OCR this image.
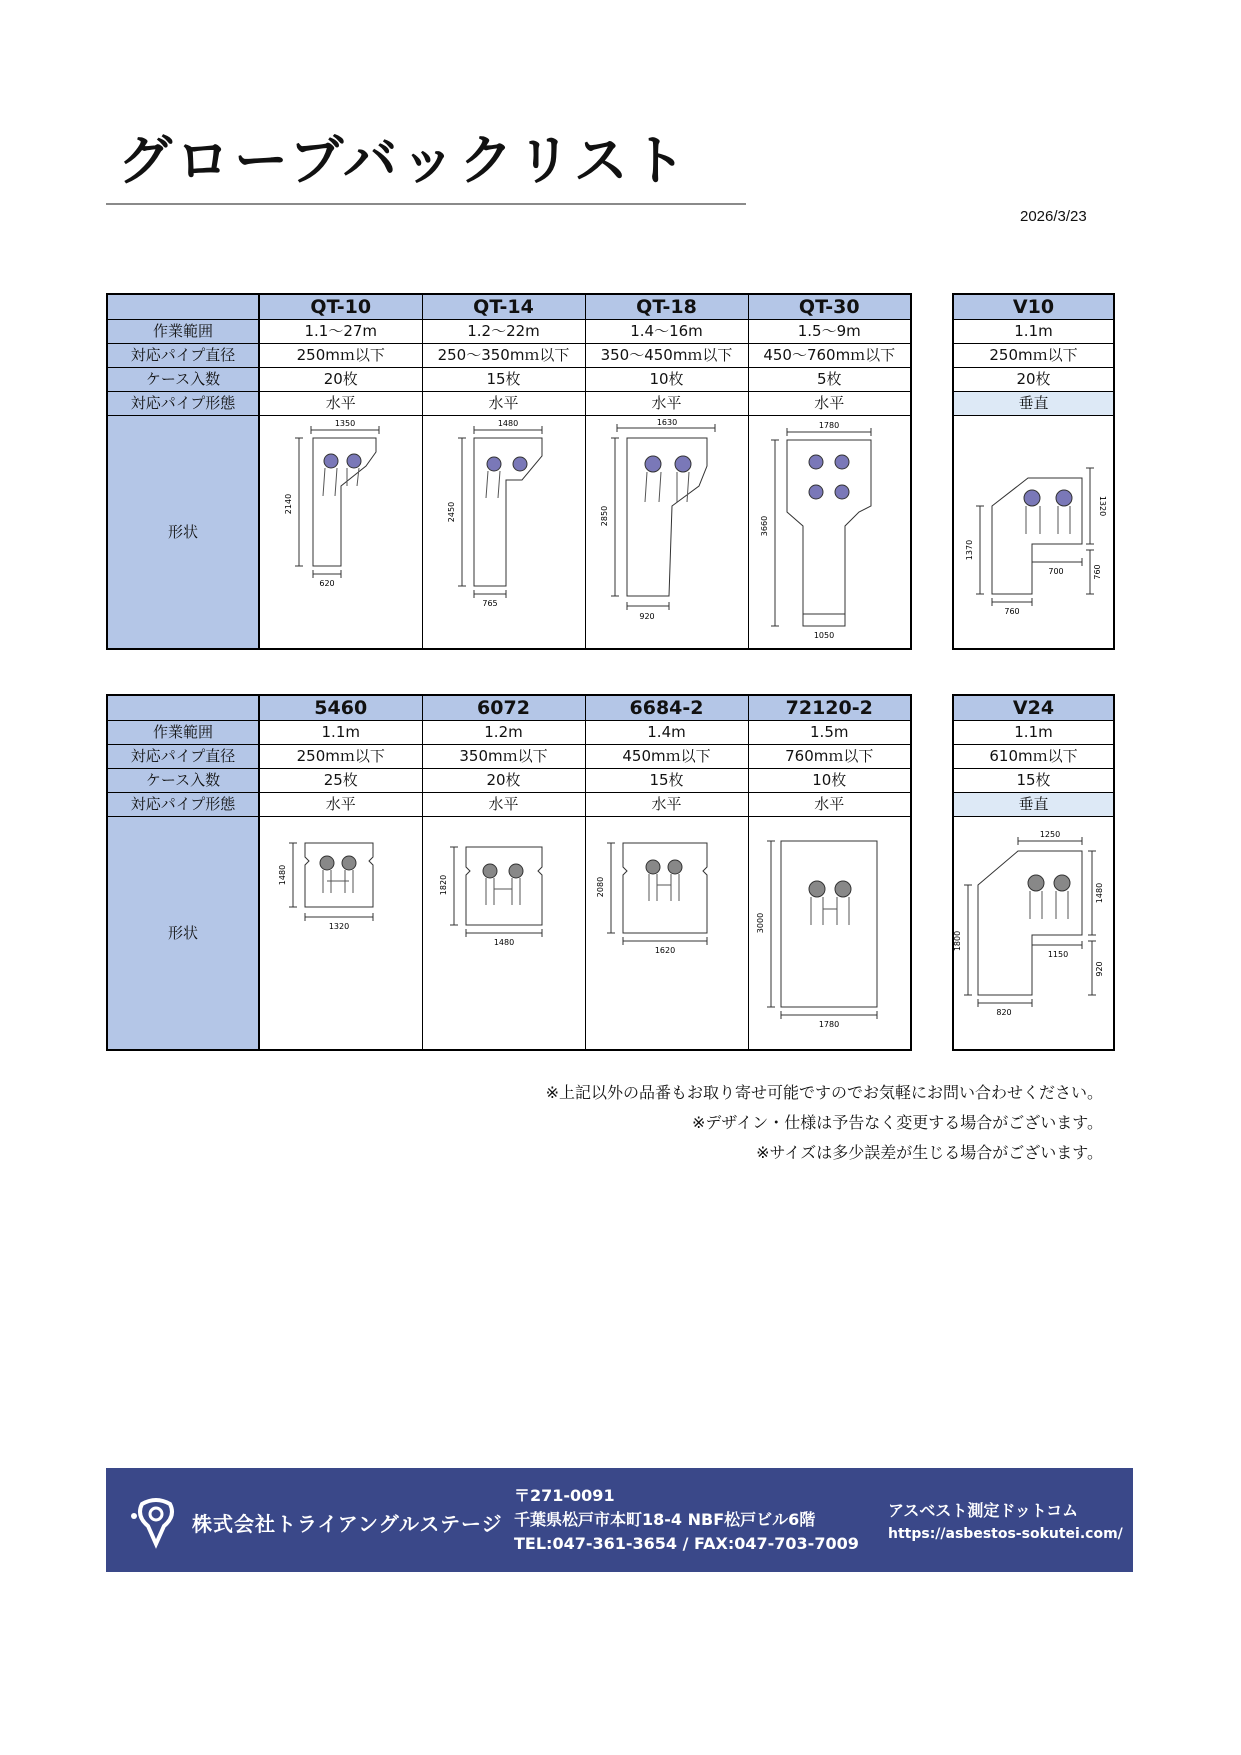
グローブバックリスト
2026/3/23
	QT-10	QT-14	QT-18	QT-30
作業範囲	1.1～27m	1.2～22m	1.4～16m	1.5～9m
対応パイプ直径	250mｍ以下	250～350mｍ以下	350～450mｍ以下	450～760mｍ以下
ケース入数	20枚	15枚	10枚	5枚
対応パイプ形態	水平	水平	水平	水平
形状	1350
2140
620	1480
2450
765	1630
2850
920	1780
3660
1050
V10
1.1m
250mｍ以下
20枚
垂直

1370
1320
760
700
760
	5460	6072	6684-2	72120-2
作業範囲	1.1m	1.2m	1.4m	1.5m
対応パイプ直径	250mｍ以下	350mｍ以下	450mｍ以下	760mｍ以下
ケース入数	25枚	20枚	15枚	10枚
対応パイプ形態	水平	水平	水平	水平
形状	1480
1320	1820
1480	2080
1620	3000
1780
V24
1.1m
610mｍ以下
15枚
垂直

1250
1480
1800
1150
920
820
※上記以外の品番もお取り寄せ可能ですのでお気軽にお問い合わせください。
※デザイン・仕様は予告なく変更する場合がございます。
※サイズは多少誤差が生じる場合がございます。
株式会社トライアングルステージ
〒271-0091
千葉県松戸市本町18-4 NBF松戸ビル6階
TEL:047-361-3654 / FAX:047-703-7009
アスベスト測定ドットコム
https://asbestos-sokutei.com/
